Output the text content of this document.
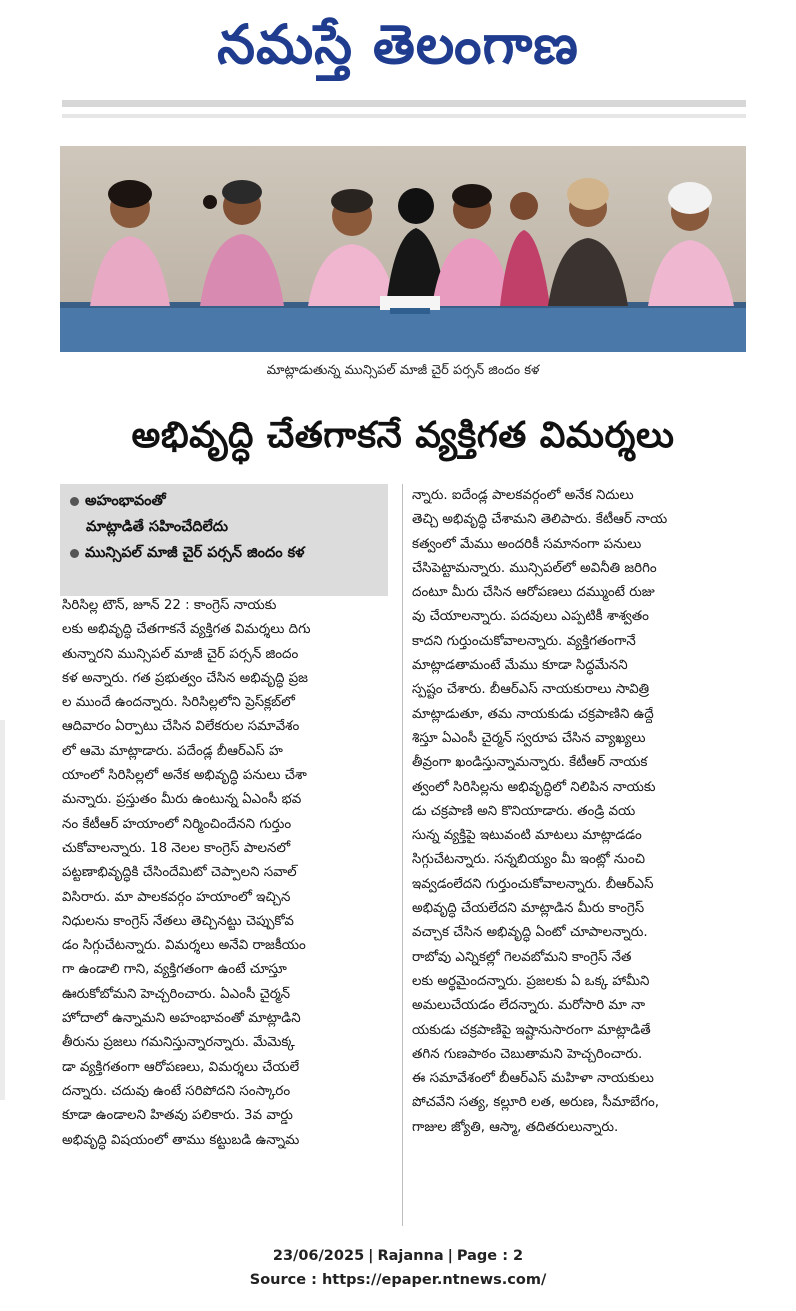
నమస్తే తెలంగాణ
మాట్లాడుతున్న మున్సిపల్ మాజీ చైర్ పర్సన్ జిందం కళ
అభివృద్ధి చేతగాకనే వ్యక్తిగత విమర్శలు
అహంభావంతో
మాట్లాడితే సహించేదిలేదు
మున్సిపల్ మాజీ చైర్ పర్సన్ జిందం కళ
సిరిసిల్ల టౌన్, జూన్ 22 : కాంగ్రెస్ నాయకు
లకు అభివృద్ధి చేతగాకనే వ్యక్తిగత విమర్శలు దిగు
తున్నారని మున్సిపల్ మాజీ చైర్ పర్సన్ జిందం
కళ అన్నారు. గత ప్రభుత్వం చేసిన అభివృద్ధి ప్రజ
ల ముందే ఉందన్నారు. సిరిసిల్లలోని ప్రెస్‌క్లబ్‌లో
ఆదివారం ఏర్పాటు చేసిన విలేకరుల సమావేశం
లో ఆమె మాట్లాడారు. పదేండ్ల బీఆర్‌ఎస్ హ
యాంలో సిరిసిల్లలో అనేక అభివృద్ధి పనులు చేశా
మన్నారు. ప్రస్తుతం మీరు ఉంటున్న ఏఎంసీ భవ
నం కేటీఆర్ హయాంలో నిర్మించిందేనని గుర్తుం
చుకోవాలన్నారు. 18 నెలల కాంగ్రెస్ పాలనలో
పట్టణాభివృద్ధికి చేసిందేమిటో చెప్పాలని సవాల్
విసిరారు. మా పాలకవర్గం హయాంలో ఇచ్చిన
నిధులను కాంగ్రెస్ నేతలు తెచ్చినట్టు చెప్పుకోవ
డం సిగ్గుచేటన్నారు. విమర్శలు అనేవి రాజకీయం
గా ఉండాలి గాని, వ్యక్తిగతంగా ఉంటే చూస్తూ
ఊరుకోబోమని హెచ్చరించారు. ఏఎంసీ చైర్మన్
హోదాలో ఉన్నామని అహంభావంతో మాట్లాడిని
తీరును ప్రజలు గమనిస్తున్నారన్నారు. మేమెక్క
డా వ్యక్తిగతంగా ఆరోపణలు, విమర్శలు చేయలే
దన్నారు. చదువు ఉంటే సరిపోదని సంస్కారం
కూడా ఉండాలని హితవు పలికారు. 3వ వార్డు
అభివృద్ధి విషయంలో తాము కట్టుబడి ఉన్నామ
న్నారు. ఐదేండ్ల పాలకవర్గంలో అనేక నిదులు
తెచ్చి అభివృద్ధి చేశామని తెలిపారు. కేటీఆర్ నాయ
కత్వంలో మేము అందరికీ సమానంగా పనులు
చేసిపెట్టామన్నారు. మున్సిపల్‌లో అవినీతి జరిగిం
దంటూ మీరు చేసిన ఆరోపణలు దమ్ముంటే రుజు
వు చేయాలన్నారు. పదవులు ఎప్పటికీ శాశ్వతం
కాదని గుర్తుంచుకోవాలన్నారు. వ్యక్తిగతంగానే
మాట్లాడతామంటే మేము కూడా సిద్ధమేనని
స్పష్టం చేశారు. బీఆర్‌ఎస్ నాయకురాలు సావిత్రి
మాట్లాడుతూ, తమ నాయకుడు చక్రపాణిని ఉద్దే
శిస్తూ ఏఎంసీ చైర్మన్ స్వరూప చేసిన వ్యాఖ్యలు
తీవ్రంగా ఖండిస్తున్నామన్నారు. కేటీఆర్ నాయక
త్వంలో సిరిసిల్లను అభివృద్ధిలో నిలిపిన నాయకు
డు చక్రపాణి అని కొనియాడారు. తండ్రి వయ
సున్న వ్యక్తిపై ఇటువంటి మాటలు మాట్లాడడం
సిగ్గుచేటన్నారు. సన్నబియ్యం మీ ఇంట్లో నుంచి
ఇవ్వడంలేదని గుర్తుంచుకోవాలన్నారు. బీఆర్‌ఎస్
అభివృద్ధి చేయలేదని మాట్లాడిన మీరు కాంగ్రెస్
వచ్చాక చేసిన అభివృద్ధి ఏంటో చూపాలన్నారు.
రాబోవు ఎన్నికల్లో గెలవబోమని కాంగ్రెస్ నేత
లకు అర్థమైందన్నారు. ప్రజలకు ఏ ఒక్క హామీని
అమలుచేయడం లేదన్నారు. మరోసారి మా నా
యకుడు చక్రపాణిపై ఇష్టానుసారంగా మాట్లాడితే
తగిన గుణపాఠం చెబుతామని హెచ్చరించారు.
ఈ సమావేశంలో బీఆర్‌ఎస్ మహిళా నాయకులు
పోచవేని సత్య, కల్లూరి లత, అరుణ, సీమాబేగం,
గాజుల జ్యోతి, ఆస్మా, తదితరులున్నారు.
23/06/2025 | Rajanna | Page : 2
Source : https://epaper.ntnews.com/
